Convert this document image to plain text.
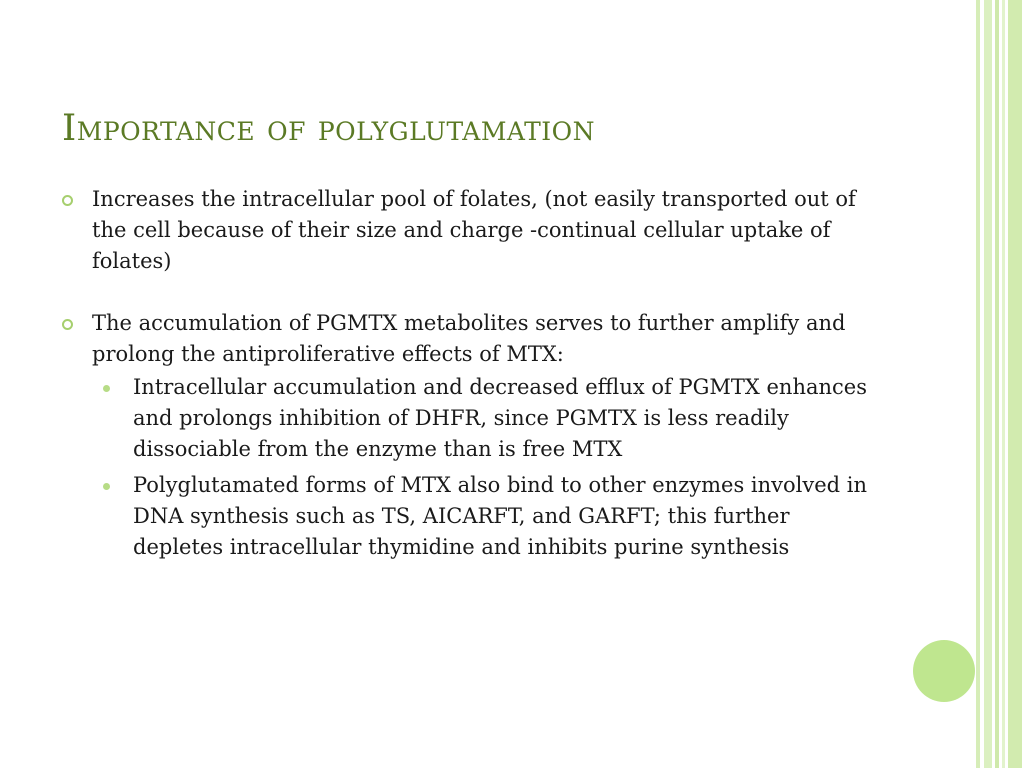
Importance of polyglutamation
Increases the intracellular pool of folates, (not easily transported out of the cell because of their size and charge -continual cellular uptake of folates)
The accumulation of PGMTX metabolites serves to further amplify and prolong the antiproliferative effects of MTX:
Intracellular accumulation and decreased efflux of PGMTX enhances and prolongs inhibition of DHFR, since PGMTX is less readily dissociable from the enzyme than is free MTX
Polyglutamated forms of MTX also bind to other enzymes involved in DNA synthesis such as TS, AICARFT, and GARFT; this further depletes intracellular thymidine and inhibits purine synthesis
